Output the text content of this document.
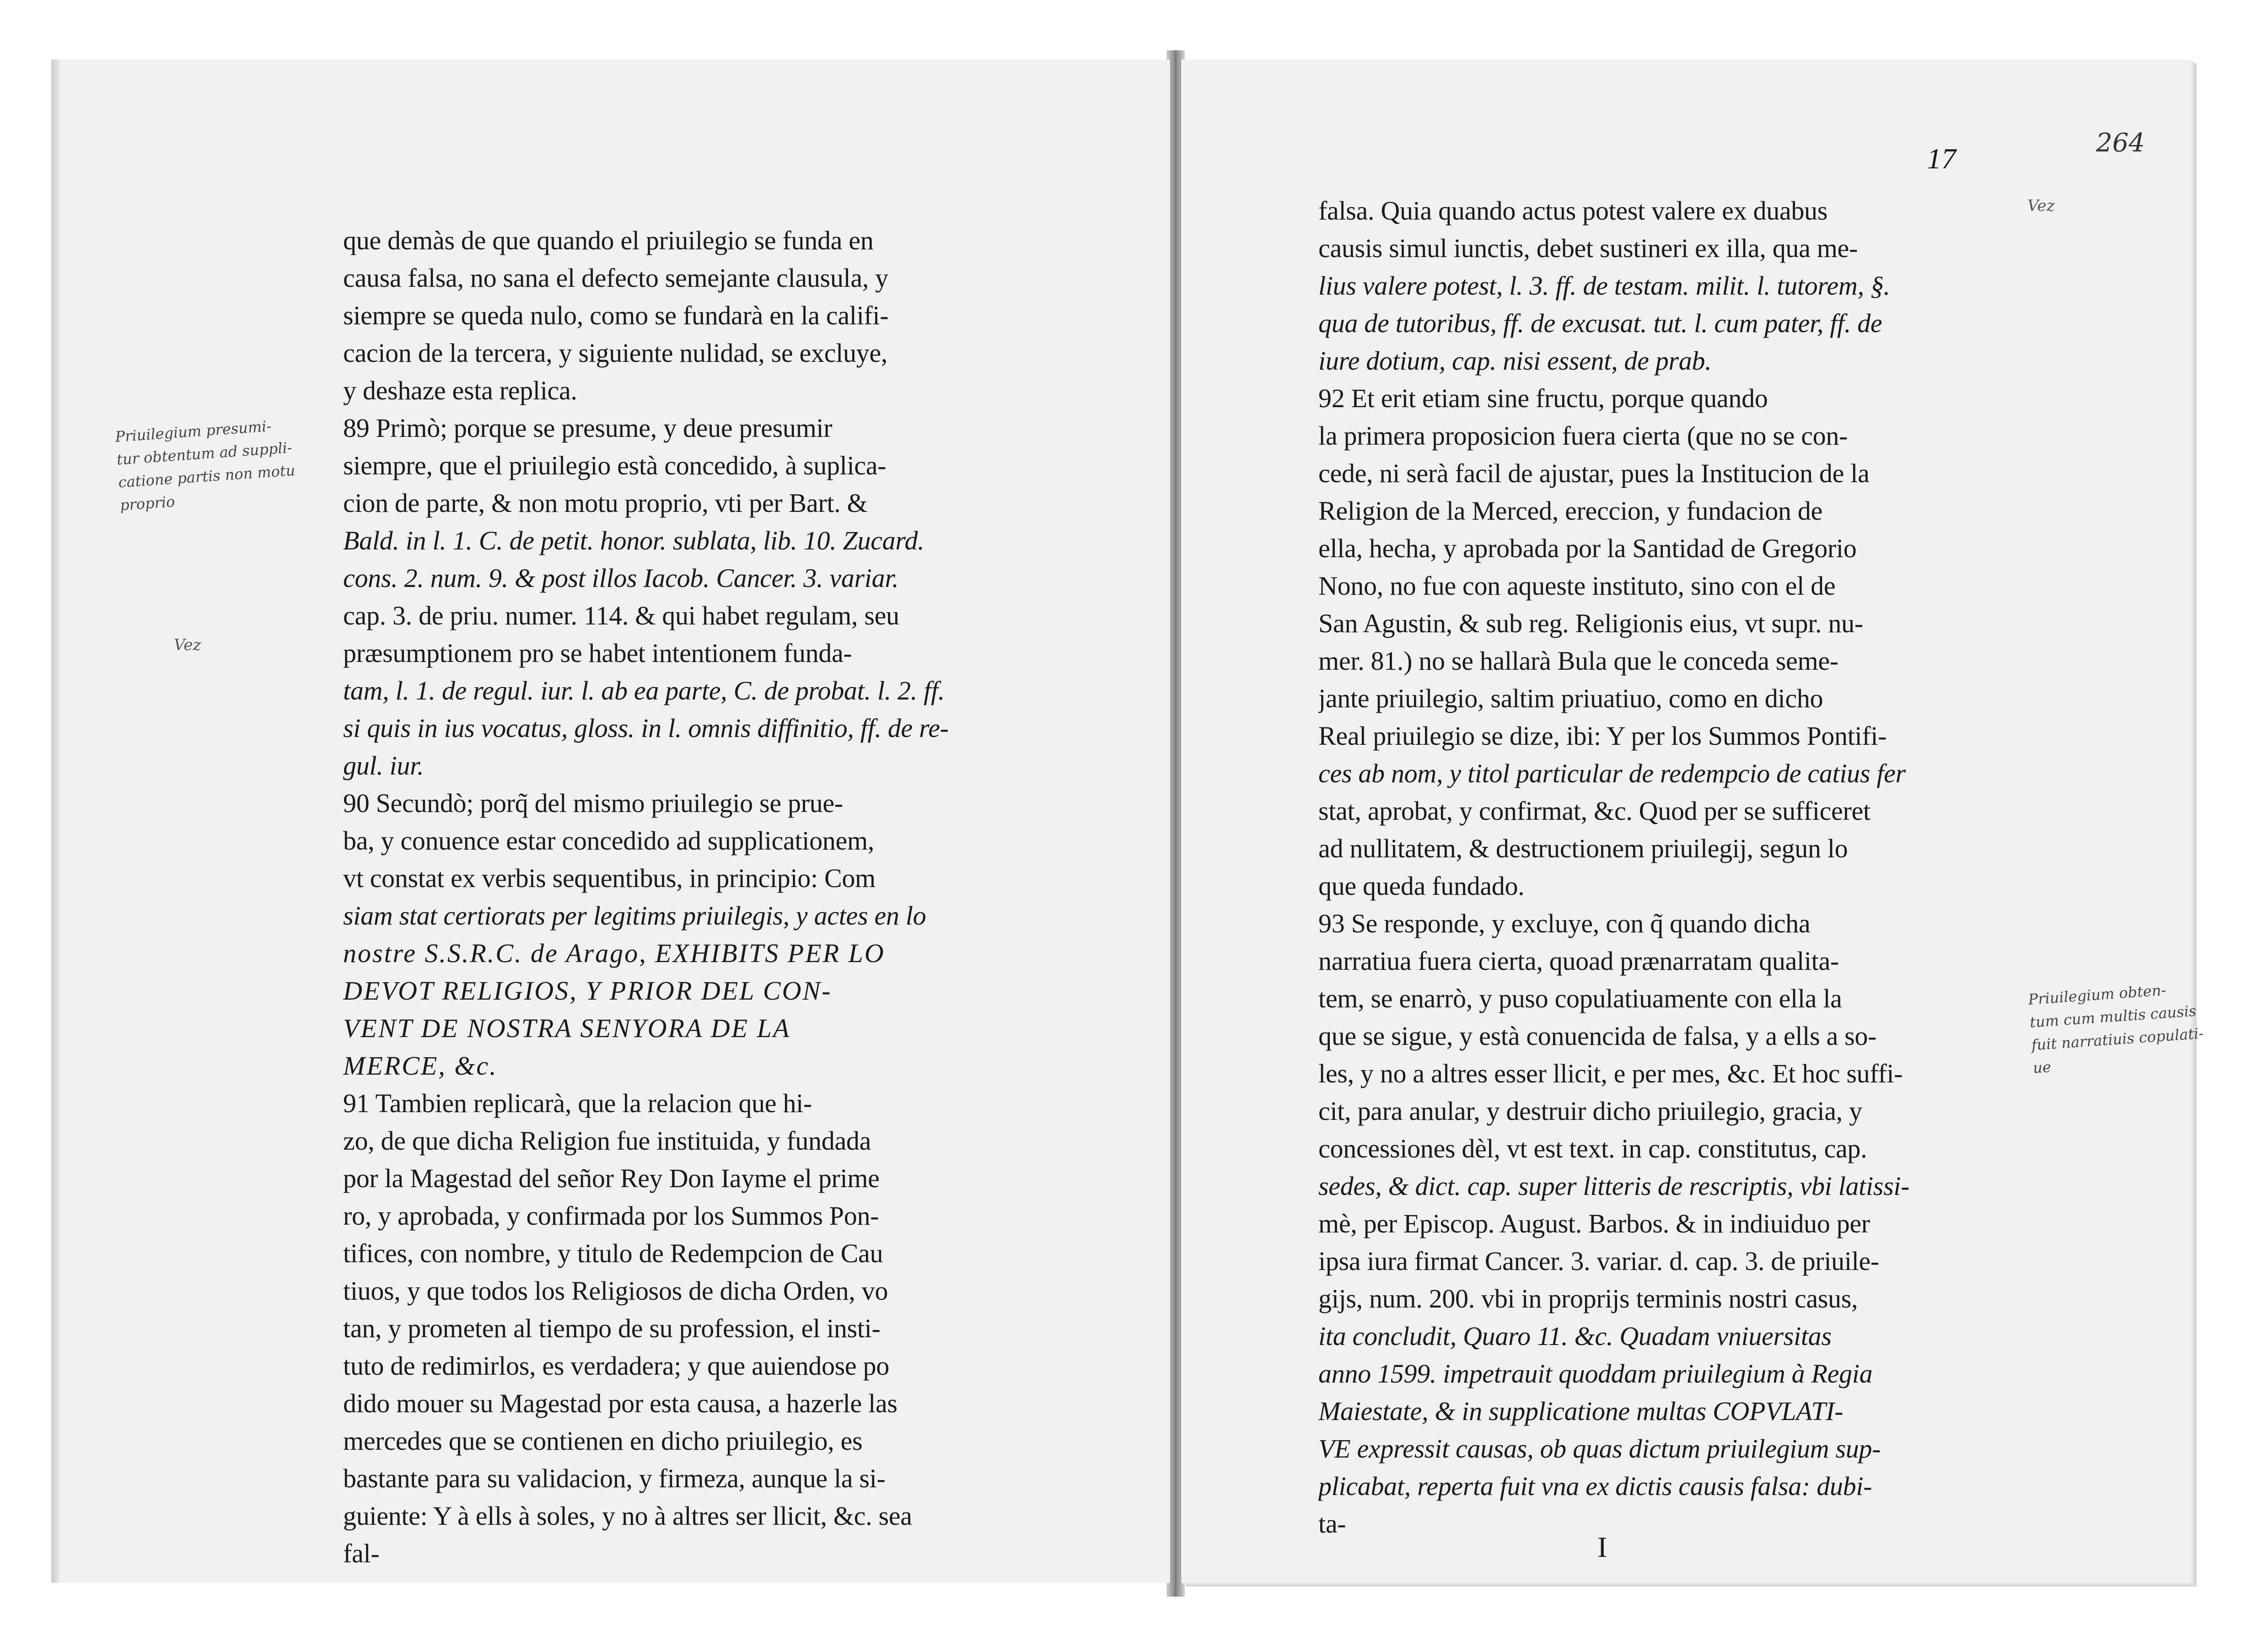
Priuilegium presumi-
tur obtentum ad suppli-
catione partis non motu
proprio
Vez
que demàs de que quando el priuilegio se funda en
causa falsa, no sana el defecto semejante clausula, y
siempre se queda nulo, como se fundarà en la califi-
cacion de la tercera, y siguiente nulidad, se excluye,
y deshaze esta replica.
89 Primò; porque se presume, y deue presumir
siempre, que el priuilegio està concedido, à suplica-
cion de parte, & non motu proprio, vti per Bart. &
Bald. in l. 1. C. de petit. honor. sublata, lib. 10. Zucard.
cons. 2. num. 9. & post illos Iacob. Cancer. 3. variar.
cap. 3. de priu. numer. 114. & qui habet regulam, seu
præsumptionem pro se habet intentionem funda-
tam, l. 1. de regul. iur. l. ab ea parte, C. de probat. l. 2. ff.
si quis in ius vocatus, gloss. in l. omnis diffinitio, ff. de re-
gul. iur.
90 Secundò; porq̃ del mismo priuilegio se prue-
ba, y conuence estar concedido ad supplicationem,
vt constat ex verbis sequentibus, in principio: Com
siam stat certiorats per legitims priuilegis, y actes en lo
nostre S.S.R.C. de Arago, EXHIBITS PER LO
DEVOT RELIGIOS, Y PRIOR DEL CON-
VENT DE NOSTRA SENYORA DE LA
MERCE, &c.
91 Tambien replicarà, que la relacion que hi-
zo, de que dicha Religion fue instituida, y fundada
por la Magestad del señor Rey Don Iayme el prime
ro, y aprobada, y confirmada por los Summos Pon-
tifices, con nombre, y titulo de Redempcion de Cau
tiuos, y que todos los Religiosos de dicha Orden, vo
tan, y prometen al tiempo de su profession, el insti-
tuto de redimirlos, es verdadera; y que auiendose po
dido mouer su Magestad por esta causa, a hazerle las
mercedes que se contienen en dicho priuilegio, es
bastante para su validacion, y firmeza, aunque la si-
guiente: Y à ells à soles, y no à altres ser llicit, &c. sea
fal-
17	264
Vez
falsa. Quia quando actus potest valere ex duabus
causis simul iunctis, debet sustineri ex illa, qua me-
lius valere potest, l. 3. ff. de testam. milit. l. tutorem, §.
qua de tutoribus, ff. de excusat. tut. l. cum pater, ff. de
iure dotium, cap. nisi essent, de prab.
92 Et erit etiam sine fructu, porque quando
la primera proposicion fuera cierta (que no se con-
cede, ni serà facil de ajustar, pues la Institucion de la
Religion de la Merced, ereccion, y fundacion de
ella, hecha, y aprobada por la Santidad de Gregorio
Nono, no fue con aqueste instituto, sino con el de
San Agustin, & sub reg. Religionis eius, vt supr. nu-
mer. 81.) no se hallarà Bula que le conceda seme-
jante priuilegio, saltim priuatiuo, como en dicho
Real priuilegio se dize, ibi: Y per los Summos Pontifi-
ces ab nom, y titol particular de redempcio de catius fer
stat, aprobat, y confirmat, &c. Quod per se sufficeret
ad nullitatem, & destructionem priuilegij, segun lo
que queda fundado.
93 Se responde, y excluye, con q̃ quando dicha
narratiua fuera cierta, quoad prænarratam qualita-
tem, se enarrò, y puso copulatiuamente con ella la
que se sigue, y està conuencida de falsa, y a ells a so-
les, y no a altres esser llicit, e per mes, &c. Et hoc suffi-
cit, para anular, y destruir dicho priuilegio, gracia, y
concessiones dèl, vt est text. in cap. constitutus, cap.
sedes, & dict. cap. super litteris de rescriptis, vbi latissi-
mè, per Episcop. August. Barbos. & in indiuiduo per
ipsa iura firmat Cancer. 3. variar. d. cap. 3. de priuile-
gijs, num. 200. vbi in proprijs terminis nostri casus,
ita concludit, Quaro 11. &c. Quadam vniuersitas
anno 1599. impetrauit quoddam priuilegium à Regia
Maiestate, & in supplicatione multas COPVLATI-
VE expressit causas, ob quas dictum priuilegium sup-
plicabat, reperta fuit vna ex dictis causis falsa: dubi-
ta-
Priuilegium obten-
tum cum multis causis
fuit narratiuis copulati-
ue
I
